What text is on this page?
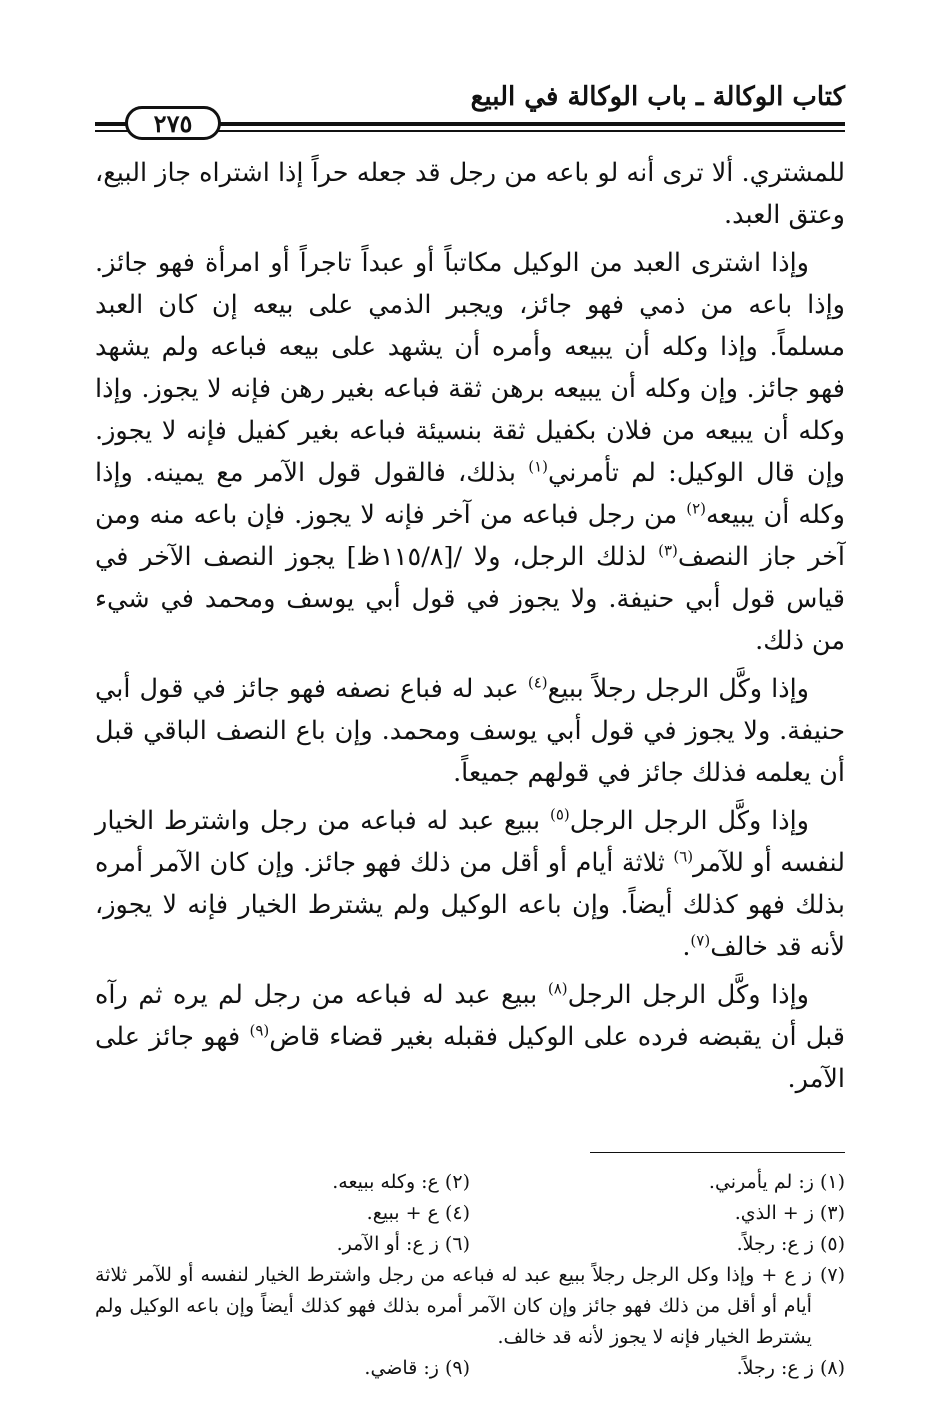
كتاب الوكالة ـ باب الوكالة في البيع
٢٧٥

للمشتري. ألا ترى أنه لو باعه من رجل قد جعله حراً إذا اشتراه جاز البيع، وعتق العبد.

وإذا اشترى العبد من الوكيل مكاتباً أو عبداً تاجراً أو امرأة فهو جائز. وإذا باعه من ذمي فهو جائز، ويجبر الذمي على بيعه إن كان العبد مسلماً. وإذا وكله أن يبيعه وأمره أن يشهد على بيعه فباعه ولم يشهد فهو جائز. وإن وكله أن يبيعه برهن ثقة فباعه بغير رهن فإنه لا يجوز. وإذا وكله أن يبيعه من فلان بكفيل ثقة بنسيئة فباعه بغير كفيل فإنه لا يجوز. وإن قال الوكيل: لم تأمرني$^{(١)}$ بذلك، فالقول قول الآمر مع يمينه. وإذا وكله أن يبيعه$^{(٢)}$ من رجل فباعه من آخر فإنه لا يجوز. فإن باعه منه ومن آخر جاز النصف$^{(٣)}$ لذلك الرجل، ولا /[١١٥/٨ظ] يجوز النصف الآخر في قياس قول أبي حنيفة. ولا يجوز في قول أبي يوسف ومحمد في شيء من ذلك.

وإذا وكَّل الرجل رجلاً ببيع$^{(٤)}$ عبد له فباع نصفه فهو جائز في قول أبي حنيفة. ولا يجوز في قول أبي يوسف ومحمد. وإن باع النصف الباقي قبل أن يعلمه فذلك جائز في قولهم جميعاً.

وإذا وكَّل الرجل الرجل$^{(٥)}$ ببيع عبد له فباعه من رجل واشترط الخيار لنفسه أو للآمر$^{(٦)}$ ثلاثة أيام أو أقل من ذلك فهو جائز. وإن كان الآمر أمره بذلك فهو كذلك أيضاً. وإن باعه الوكيل ولم يشترط الخيار فإنه لا يجوز، لأنه قد خالف$^{(٧)}$.

وإذا وكَّل الرجل الرجل$^{(٨)}$ ببيع عبد له فباعه من رجل لم يره ثم رآه قبل أن يقبضه فرده على الوكيل فقبله بغير قضاء قاض$^{(٩)}$ فهو جائز على الآمر.

(١) ز: لم يأمرني.
(٢) ع: وكله ببيعه.
(٣) ز + الذي.
(٤) ع + ببيع.
(٥) ز ع: رجلاً.
(٦) ز ع: أو الآمر.
(٧)
ز ع + وإذا وكل الرجل رجلاً ببيع عبد له فباعه من رجل واشترط الخيار لنفسه أو للآمر ثلاثة أيام أو أقل من ذلك فهو جائز وإن كان الآمر أمره بذلك فهو كذلك أيضاً وإن باعه الوكيل ولم يشترط الخيار فإنه لا يجوز لأنه قد خالف.
(٨) ز ع: رجلاً.
(٩) ز: قاضي.
